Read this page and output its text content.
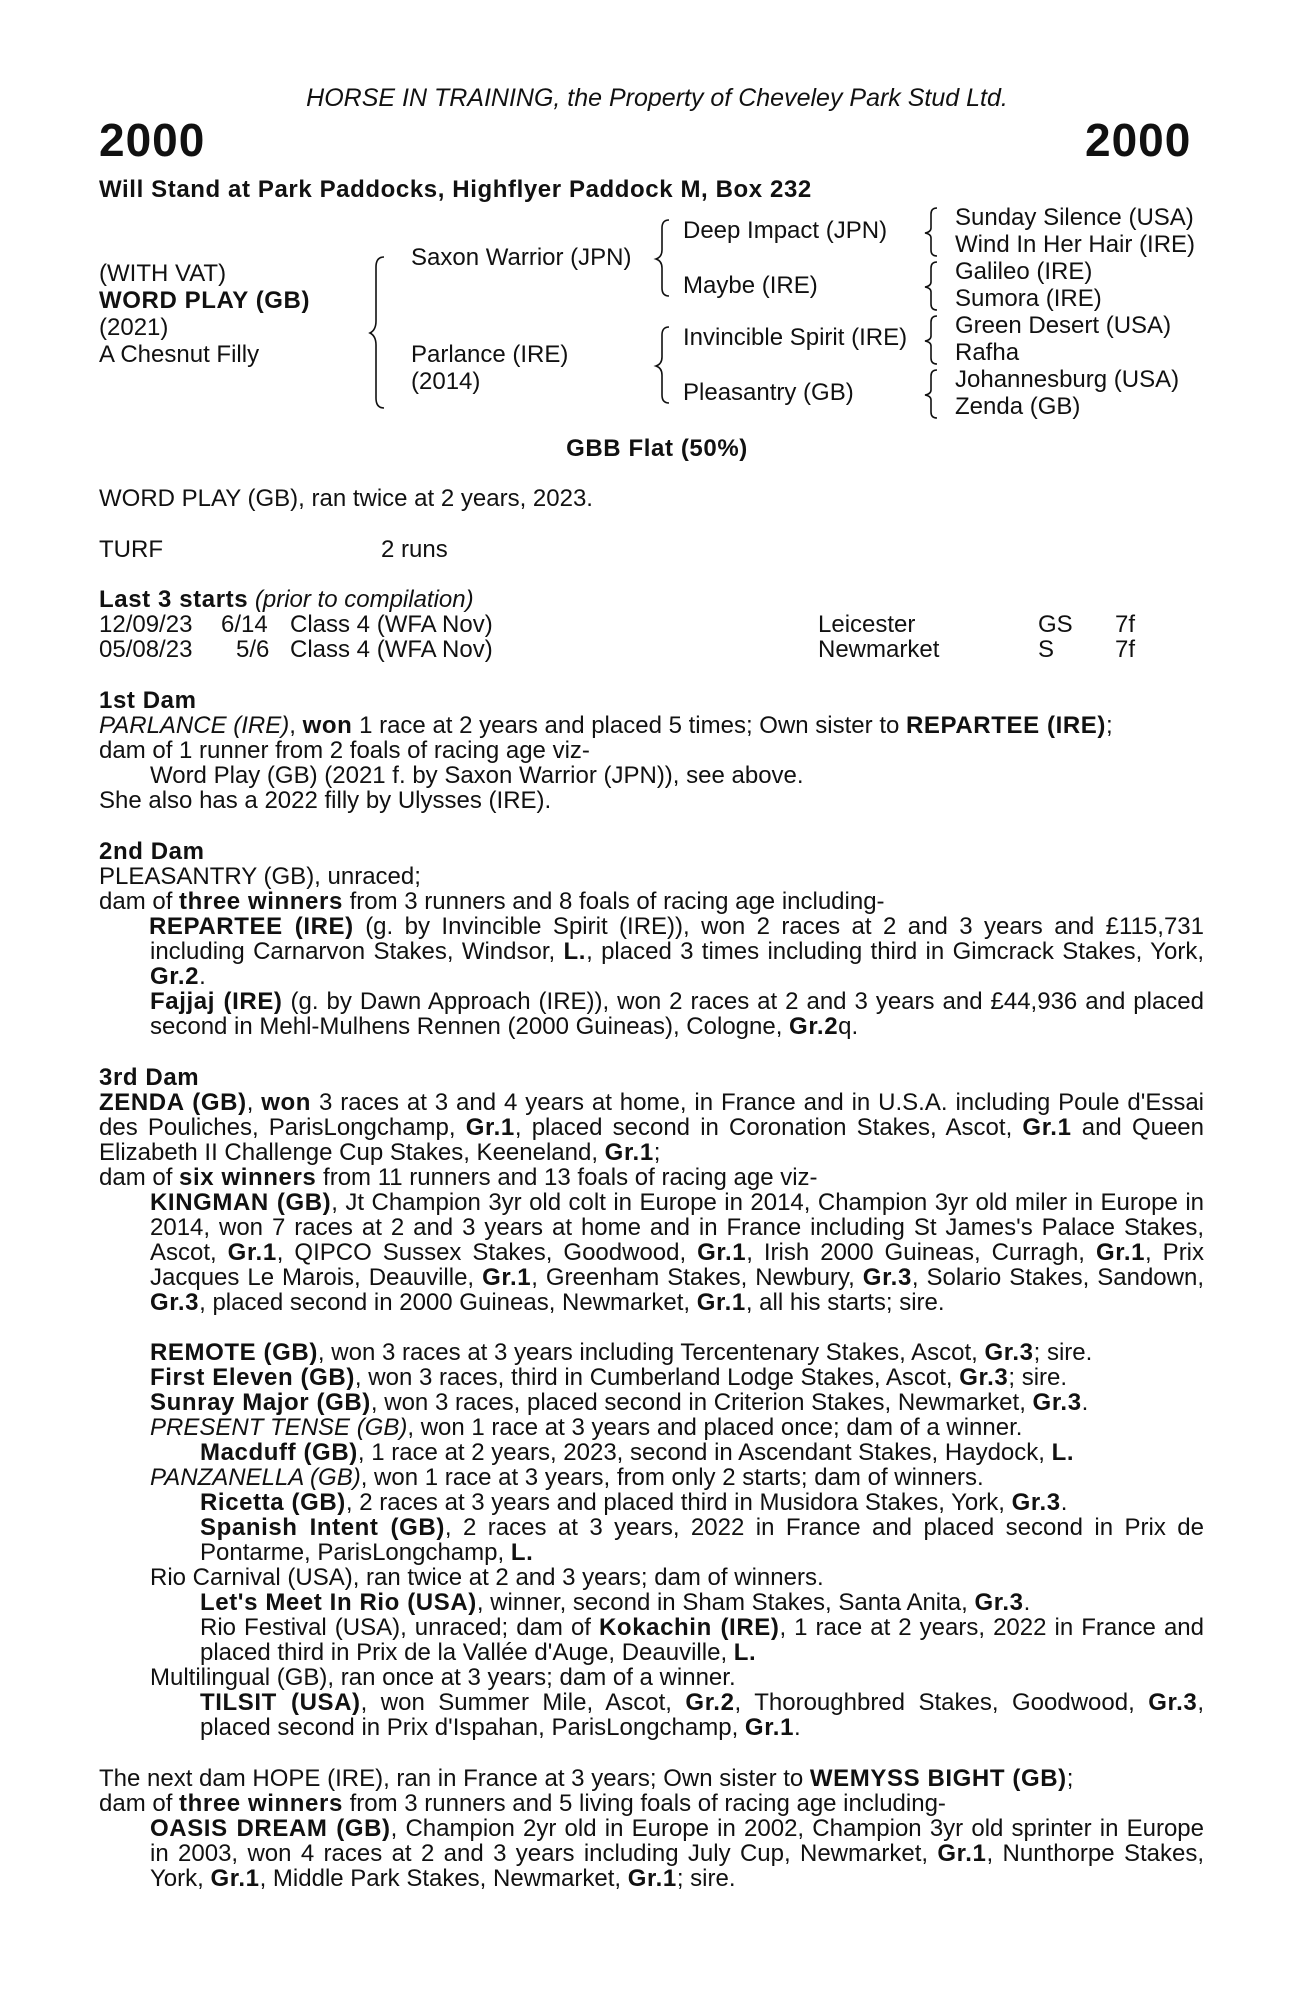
HORSE IN TRAINING, the Property of Cheveley Park Stud Ltd.
2000	2000
Will Stand at Park Paddocks, Highflyer Paddock M, Box 232
(WITH VAT)
WORD PLAY (GB)
(2021)
A Chesnut Filly
Saxon Warrior (JPN)
Parlance (IRE)
(2014)
Deep Impact (JPN)
Maybe (IRE)
Invincible Spirit (IRE)
Pleasantry (GB)
Sunday Silence (USA)
Wind In Her Hair (IRE)
Galileo (IRE)
Sumora (IRE)
Green Desert (USA)
Rafha
Johannesburg (USA)
Zenda (GB)
GBB Flat (50%)
WORD PLAY (GB), ran twice at 2 years, 2023.
TURF	2 runs
Last 3 starts (prior to compilation)
12/09/23 6/14 Class 4 (WFA Nov)	Leicester	GS 7f
05/08/23 5/6 Class 4 (WFA Nov)	Newmarket	S	7f
1st Dam
PARLANCE (IRE), won 1 race at 2 years and placed 5 times; Own sister to REPARTEE (IRE);
dam of 1 runner from 2 foals of racing age viz-
Word Play (GB) (2021 f. by Saxon Warrior (JPN)), see above.
She also has a 2022 filly by Ulysses (IRE).
2nd Dam
PLEASANTRY (GB), unraced;
dam of three winners from 3 runners and 8 foals of racing age including-
REPARTEE (IRE) (g. by Invincible Spirit (IRE)), won 2 races at 2 and 3 years and £115,731 including Carnarvon Stakes, Windsor, L., placed 3 times including third in Gimcrack Stakes, York, Gr.2.
Fajjaj (IRE) (g. by Dawn Approach (IRE)), won 2 races at 2 and 3 years and £44,936 and placed second in Mehl-Mulhens Rennen (2000 Guineas), Cologne, Gr.2q.
3rd Dam
ZENDA (GB), won 3 races at 3 and 4 years at home, in France and in U.S.A. including Poule d'Essai des Pouliches, ParisLongchamp, Gr.1, placed second in Coronation Stakes, Ascot, Gr.1 and Queen Elizabeth II Challenge Cup Stakes, Keeneland, Gr.1;
dam of six winners from 11 runners and 13 foals of racing age viz-
KINGMAN (GB), Jt Champion 3yr old colt in Europe in 2014, Champion 3yr old miler in Europe in 2014, won 7 races at 2 and 3 years at home and in France including St James's Palace Stakes, Ascot, Gr.1, QIPCO Sussex Stakes, Goodwood, Gr.1, Irish 2000 Guineas, Curragh, Gr.1, Prix Jacques Le Marois, Deauville, Gr.1, Greenham Stakes, Newbury, Gr.3, Solario Stakes, Sandown, Gr.3, placed second in 2000 Guineas, Newmarket, Gr.1, all his starts; sire.
REMOTE (GB), won 3 races at 3 years including Tercentenary Stakes, Ascot, Gr.3; sire.
First Eleven (GB), won 3 races, third in Cumberland Lodge Stakes, Ascot, Gr.3; sire.
Sunray Major (GB), won 3 races, placed second in Criterion Stakes, Newmarket, Gr.3.
PRESENT TENSE (GB), won 1 race at 3 years and placed once; dam of a winner.
Macduff (GB), 1 race at 2 years, 2023, second in Ascendant Stakes, Haydock, L.
PANZANELLA (GB), won 1 race at 3 years, from only 2 starts; dam of winners.
Ricetta (GB), 2 races at 3 years and placed third in Musidora Stakes, York, Gr.3.
Spanish Intent (GB), 2 races at 3 years, 2022 in France and placed second in Prix de Pontarme, ParisLongchamp, L.
Rio Carnival (USA), ran twice at 2 and 3 years; dam of winners.
Let's Meet In Rio (USA), winner, second in Sham Stakes, Santa Anita, Gr.3.
Rio Festival (USA), unraced; dam of Kokachin (IRE), 1 race at 2 years, 2022 in France and placed third in Prix de la Vallée d'Auge, Deauville, L.
Multilingual (GB), ran once at 3 years; dam of a winner.
TILSIT (USA), won Summer Mile, Ascot, Gr.2, Thoroughbred Stakes, Goodwood, Gr.3, placed second in Prix d'Ispahan, ParisLongchamp, Gr.1.
The next dam HOPE (IRE), ran in France at 3 years; Own sister to WEMYSS BIGHT (GB);
dam of three winners from 3 runners and 5 living foals of racing age including-
OASIS DREAM (GB), Champion 2yr old in Europe in 2002, Champion 3yr old sprinter in Europe in 2003, won 4 races at 2 and 3 years including July Cup, Newmarket, Gr.1, Nunthorpe Stakes, York, Gr.1, Middle Park Stakes, Newmarket, Gr.1; sire.
